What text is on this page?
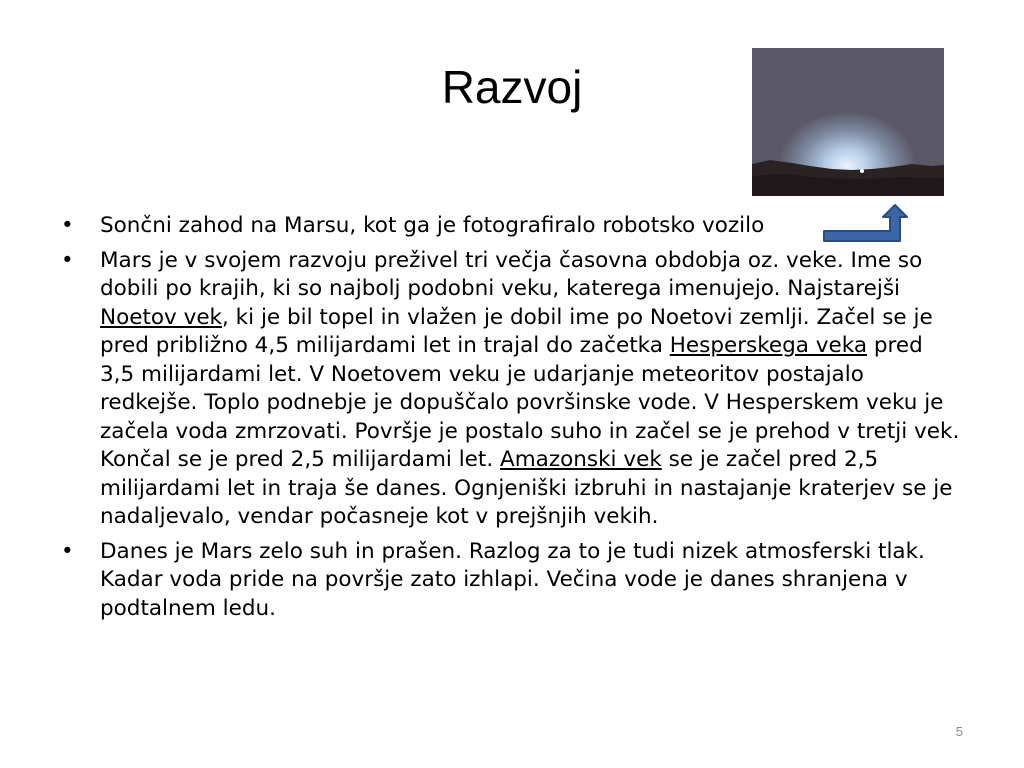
Razvoj
•	Sončni zahod na Marsu, kot ga je fotografiralo robotsko vozilo
•	Mars je v svojem razvoju preživel tri večja časovna obdobja oz. veke. Ime so dobili po krajih, ki so najbolj podobni veku, katerega imenujejo. Najstarejši Noetov vek, ki je bil topel in vlažen je dobil ime po Noetovi zemlji. Začel se je pred približno 4,5 milijardami let in trajal do začetka Hesperskega veka pred 3,5 milijardami let. V Noetovem veku je udarjanje meteoritov postajalo redkejše. Toplo podnebje je dopuščalo površinske vode. V Hesperskem veku je začela voda zmrzovati. Površje je postalo suho in začel se je prehod v tretji vek. Končal se je pred 2,5 milijardami let. Amazonski vek se je začel pred 2,5 milijardami let in traja še danes. Ognjeniški izbruhi in nastajanje kraterjev se je nadaljevalo, vendar počasneje kot v prejšnjih vekih.
•	Danes je Mars zelo suh in prašen. Razlog za to je tudi nizek atmosferski tlak. Kadar voda pride na površje zato izhlapi. Večina vode je danes shranjena v podtalnem ledu.
5
